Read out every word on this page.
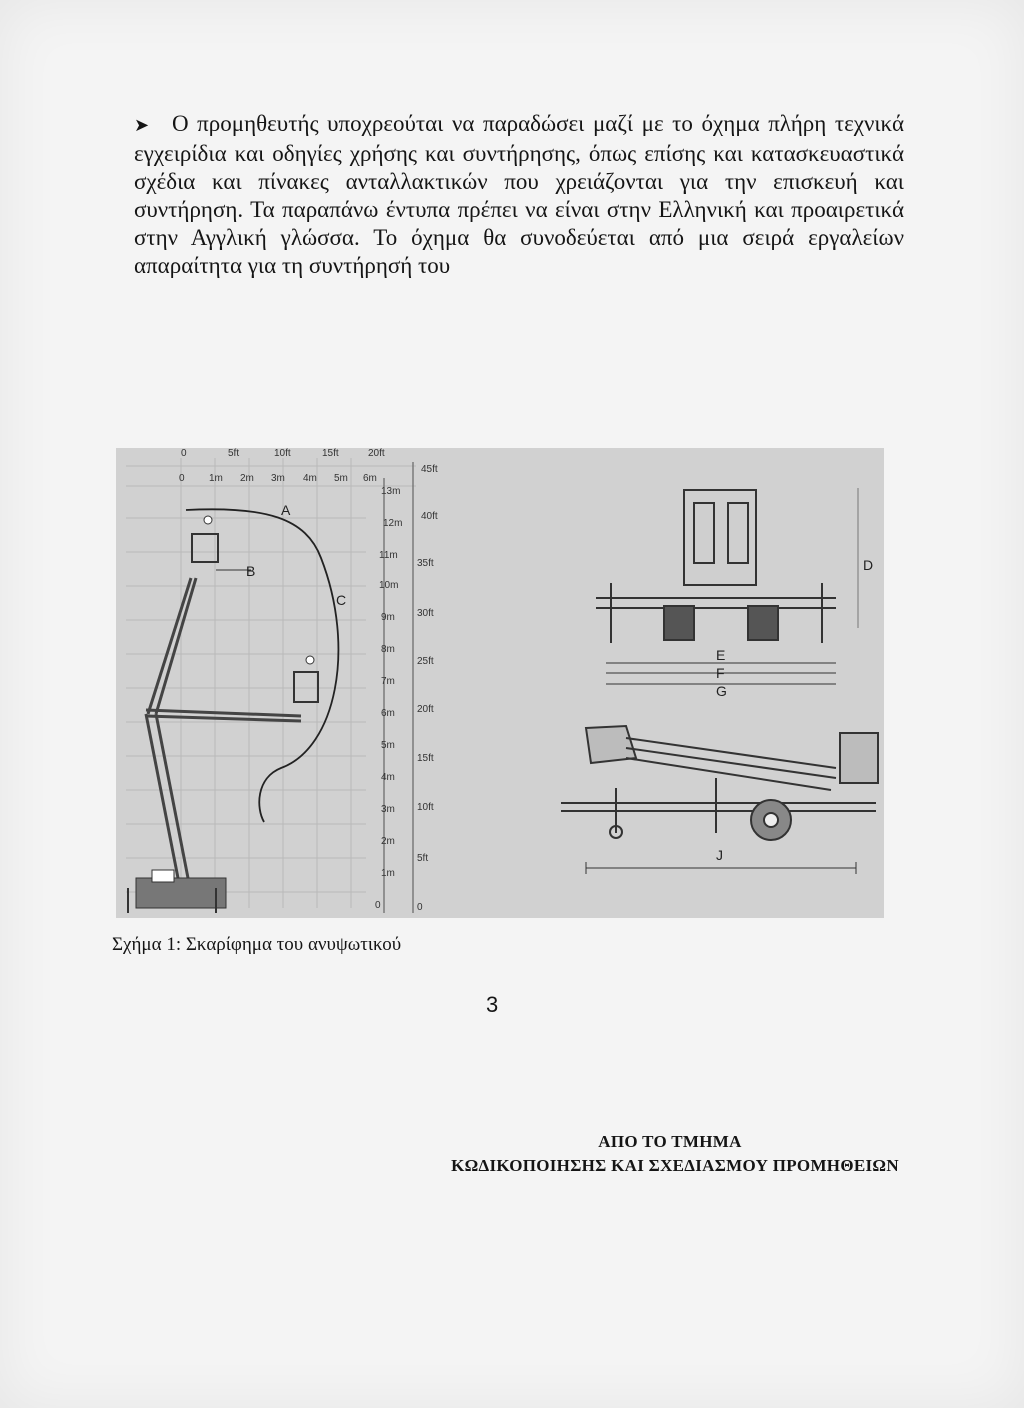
➤ Ο προμηθευτής υποχρεούται να παραδώσει μαζί με το όχημα πλήρη τεχνικά εγχειρίδια και οδηγίες χρήσης και συντήρησης, όπως επίσης και κατασκευαστικά σχέδια και πίνακες ανταλλακτικών που χρειάζονται για την επισκευή και συντήρηση. Τα παραπάνω έντυπα πρέπει να είναι στην Ελληνική και προαιρετικά στην Αγγλική γλώσσα. Το όχημα θα συνοδεύεται από μια σειρά εργαλείων απαραίτητα για τη συντήρησή του
0	5ft	10ft	15ft	20ft
0 1m 2m 3m 4m 5m 6m
13m
12m
11m
10m
9m
8m
7m
6m
5m
4m
3m
2m
1m
0
45ft
40ft
35ft
30ft
25ft
20ft
15ft
10ft
5ft
0
A
B
C
D
E
F
G
J
Σχήμα 1: Σκαρίφημα του ανυψωτικού
ΑΠΟ ΤΟ ΤΜΗΜΑ
ΚΩΔΙΚΟΠΟΙΗΣΗΣ ΚΑΙ ΣΧΕΔΙΑΣΜΟΥ ΠΡΟΜΗΘΕΙΩΝ
3
